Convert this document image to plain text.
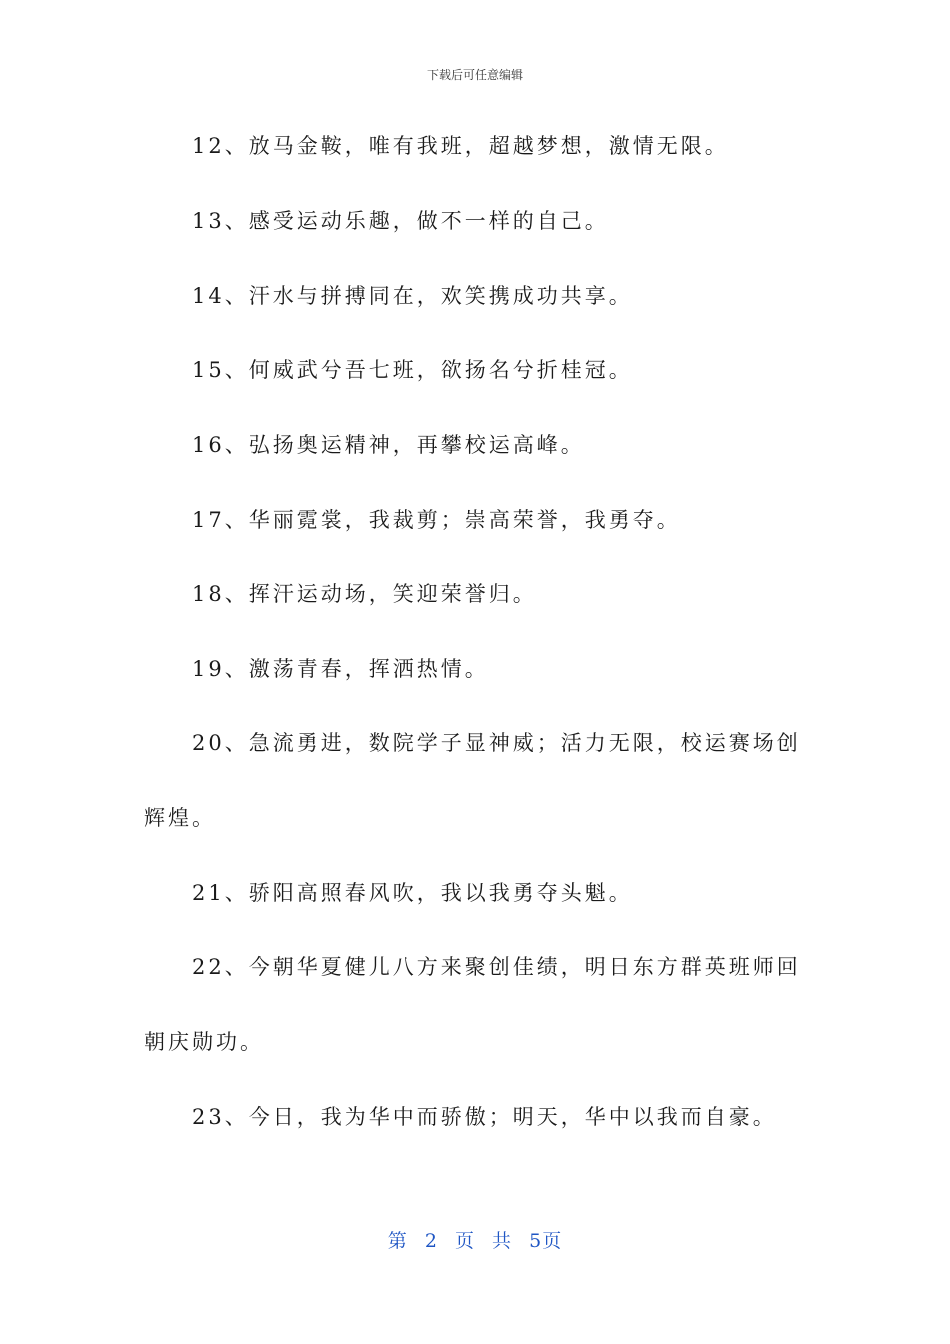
下载后可任意编辑
12、放马金鞍，唯有我班，超越梦想，激情无限。
13、感受运动乐趣，做不一样的自己。
14、汗水与拼搏同在，欢笑携成功共享。
15、何威武兮吾七班，欲扬名兮折桂冠。
16、弘扬奥运精神，再攀校运高峰。
17、华丽霓裳，我裁剪；崇高荣誉，我勇夺。
18、挥汗运动场，笑迎荣誉归。
19、激荡青春，挥洒热情。
20、急流勇进，数院学子显神威；活力无限，校运赛场创
辉煌。
21、骄阳高照春风吹，我以我勇夺头魁。
22、今朝华夏健儿八方来聚创佳绩，明日东方群英班师回
朝庆勋功。
23、今日，我为华中而骄傲；明天，华中以我而自豪。
第 2 页 共 5页
